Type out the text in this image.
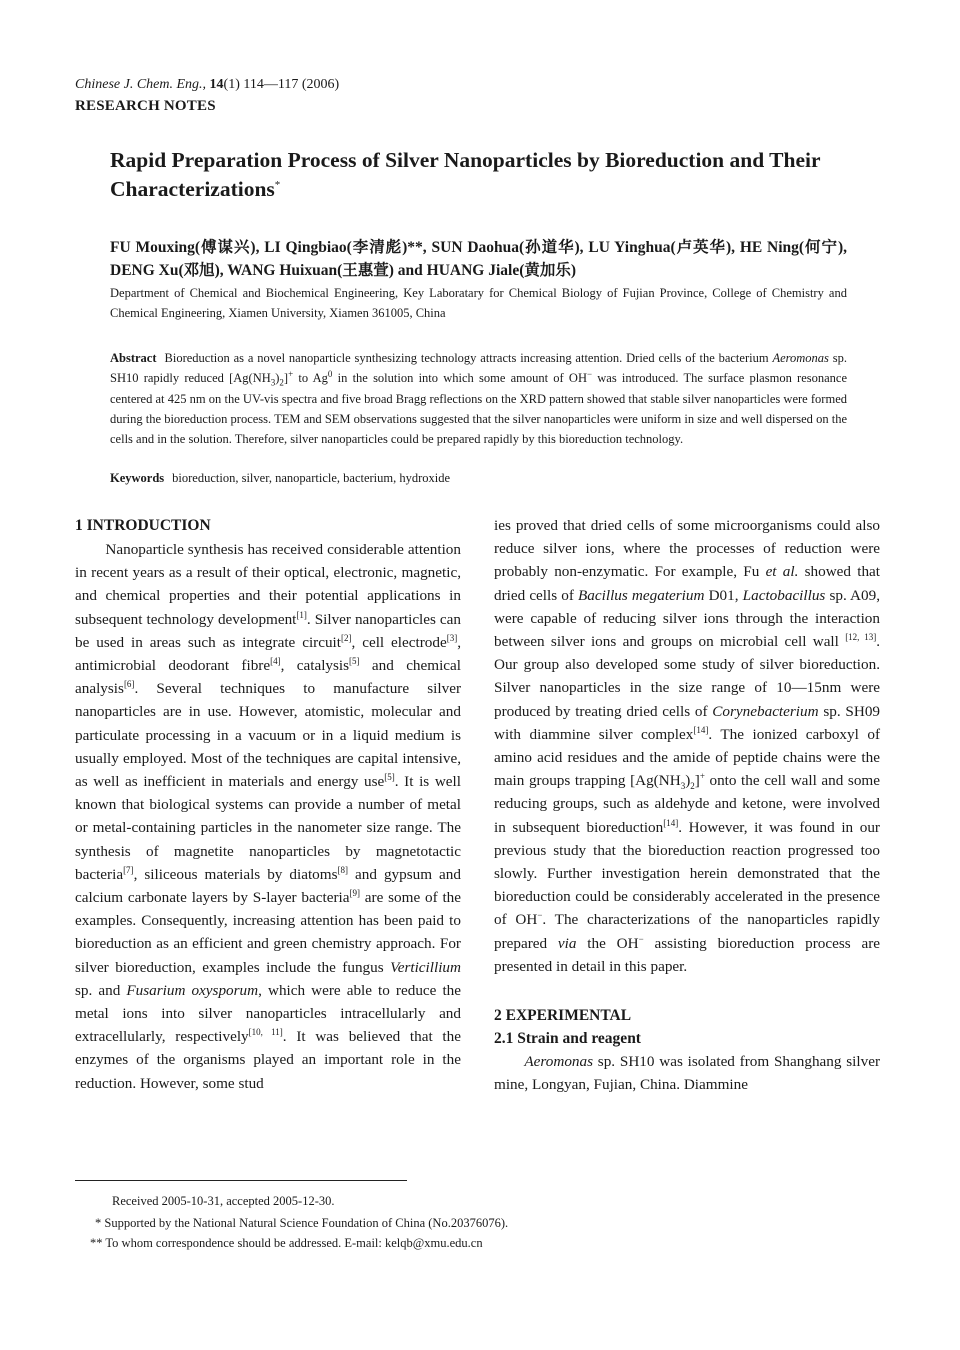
Chinese J. Chem. Eng., 14(1) 114—117 (2006)
RESEARCH NOTES
Rapid Preparation Process of Silver Nanoparticles by Bioreduction and Their Characterizations*

FU Mouxing(傅谋兴), LI Qingbiao(李清彪)**, SUN Daohua(孙道华), LU Yinghua(卢英华), HE Ning(何宁), DENG Xu(邓旭), WANG Huixuan(王惠萱) and HUANG Jiale(黄加乐)

Department of Chemical and Biochemical Engineering, Key Laboratary for Chemical Biology of Fujian Province, College of Chemistry and Chemical Engineering, Xiamen University, Xiamen 361005, China

Abstract Bioreduction as a novel nanoparticle synthesizing technology attracts increasing attention. Dried cells of the bacterium Aeromonas sp. SH10 rapidly reduced $[Ag(NH_3)_2]^+$ to Ag$^0$ in the solution into which some amount of OH− was introduced. The surface plasmon resonance centered at 425 nm on the UV-vis spectra and five broad Bragg reflections on the XRD pattern showed that stable silver nanoparticles were formed during the bioreduction process. TEM and SEM observations suggested that the silver nanoparticles were uniform in size and well dispersed on the cells and in the solution. Therefore, silver nanoparticles could be prepared rapidly by this bioreduction technology.

Keywords bioreduction, silver, nanoparticle, bacterium, hydroxide

1 INTRODUCTION

Nanoparticle synthesis has received considerable attention in recent years as a result of their optical, electronic, magnetic, and chemical properties and their potential applications in subsequent technology development[1]. Silver nanoparticles can be used in areas such as integrate circuit[2], cell electrode[3], antimicrobial deodorant fibre[4], catalysis[5] and chemical analysis[6]. Several techniques to manufacture silver nanoparticles are in use. However, atomistic, molecular and particulate processing in a vacuum or in a liquid medium is usually employed. Most of the techniques are capital intensive, as well as inefficient in materials and energy use[5]. It is well known that biological systems can provide a number of metal or metal-containing particles in the nanometer size range. The synthesis of magnetite nanoparticles by magnetotactic bacteria[7], siliceous materials by diatoms[8] and gypsum and calcium carbonate layers by S-layer bacteria[9] are some of the examples. Consequently, increasing attention has been paid to bioreduction as an efficient and green chemistry approach. For silver bioreduction, examples include the fungus Verticillium sp. and Fusarium oxysporum, which were able to reduce the metal ions into silver nanoparticles intracellularly and extracellularly, respectively[10, 11]. It was believed that the enzymes of the organisms played an important role in the reduction. However, some stud

ies proved that dried cells of some microorganisms could also reduce silver ions, where the processes of reduction were probably non-enzymatic. For example, Fu et al. showed that dried cells of Bacillus megaterium D01, Lactobacillus sp. A09, were capable of reducing silver ions through the interaction between silver ions and groups on microbial cell wall [12, 13]. Our group also developed some study of silver bioreduction. Silver nanoparticles in the size range of 10—15nm were produced by treating dried cells of Corynebacterium sp. SH09 with diammine silver complex[14]. The ionized carboxyl of amino acid residues and the amide of peptide chains were the main groups trapping $[Ag(NH_3)_2]^+$ onto the cell wall and some reducing groups, such as aldehyde and ketone, were involved in subsequent bioreduction[14]. However, it was found in our previous study that the bioreduction reaction progressed too slowly. Further investigation herein demonstrated that the bioreduction could be considerably accelerated in the presence of OH−. The characterizations of the nanoparticles rapidly prepared via the OH− assisting bioreduction process are presented in detail in this paper.

2 EXPERIMENTAL
2.1 Strain and reagent

Aeromonas sp. SH10 was isolated from Shanghang silver mine, Longyan, Fujian, China. Diammine

Received 2005-10-31, accepted 2005-12-30.

* Supported by the National Natural Science Foundation of China (No.20376076).

** To whom correspondence should be addressed. E-mail: kelqb@xmu.edu.cn
